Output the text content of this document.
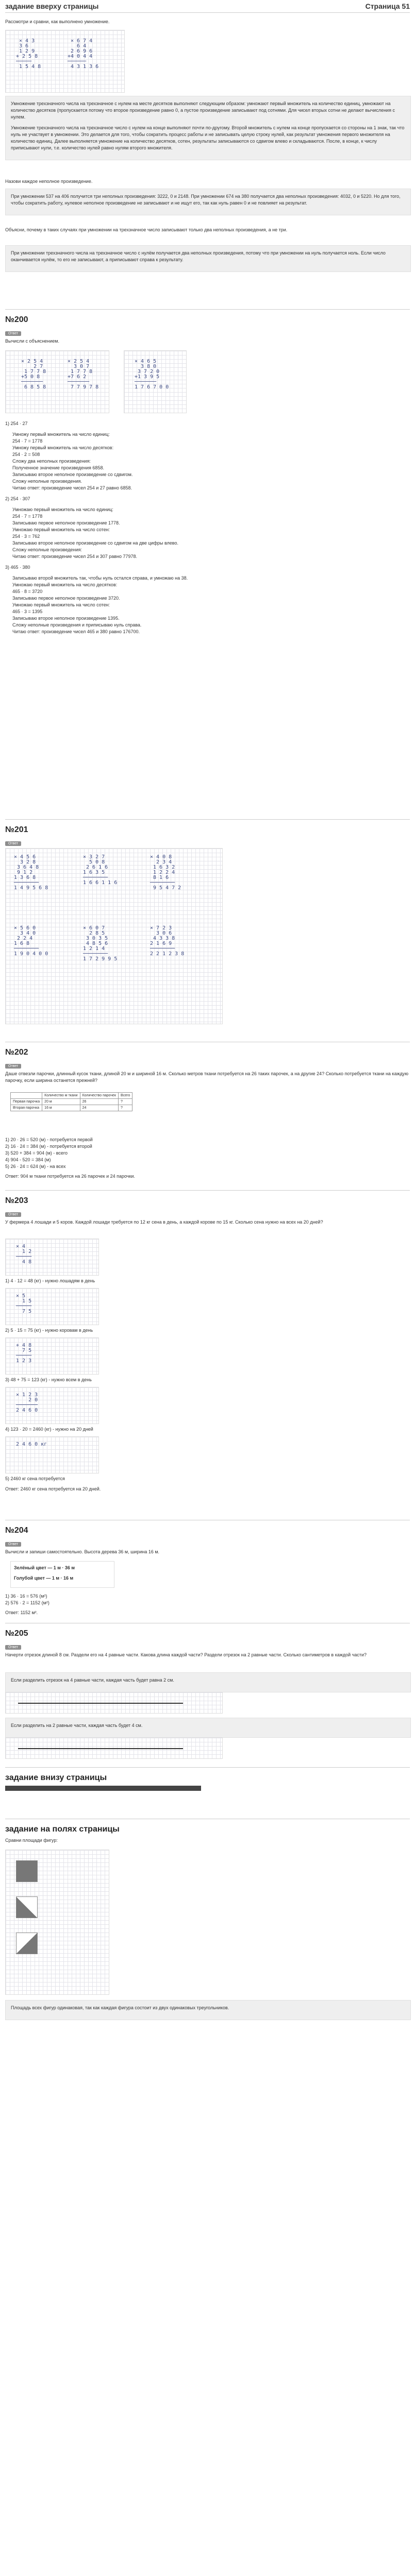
задание вверху страницы	Страница 51

Рассмотри и сравни, как выполнено умножение.

× 4 3
3 6
1 2 9
+ 2 5 8
─────
1 5 4 8
× 6 7 4
6 4
2 6 9 6
+4 0 4 4
──────
4 3 1 3 6

Умножение трехзначного числа на трехзначное с нулем на месте десятков выполняют следующим образом: умножают первый множитель на количество единиц, умножают на количество десятков (пропускается потому что второе произведение равно 0, а пустое произведение записывают под сотнями. Для чисел вторых сотни не делают вычисления с нулем.

Умножение трехзначного числа на трехзначное число с нулем на конце выполняют почти по-другому. Второй множитель с нулем на конце пропускается со стороны на 1 знак, так что нуль не участвует в умножении. Это делается для того, чтобы сократить процесс работы и не записывать целую строку нулей, как результат умножения первого множителя на количество единиц. Далее выполняется умножение на количество десятков, сотен, результаты записываются со сдвигом влево и складываются. После, в конце, к числу приписывают нули, т.е. количество нулей равно нулям второго множителя.

Назови каждое неполное произведение.

При умножении 537 на 406 получится три неполных произведения: 3222, 0 и 2148. При умножении 674 на 380 получается два неполных произведения: 4032, 0 и 5220. Но для того, чтобы сократить работу, нулевое неполное произведение не записывают и не ищут его, так как нуль равен 0 и не повлияет на результат.

Объясни, почему в таких случаях при умножении на трехзначное число записывают только два неполных произведения, а не три.

При умножении трехзначного числа на трехзначное число с нулём получается два неполных произведения, потому что при умножении на нуль получается ноль. Если число оканчивается нулём, то его не записывают, а приписывают справа к результату.

№200
Ответ
Вычисли с объяснением.
× 2 5 4
2 7
1 7 7 8
+5 0 8
───────
6 8 5 8
× 2 5 4
3 0 7
1 7 7 8
+7 6 2
───────
7 7 9 7 8
× 4 6 5
3 8 0
3 7 2 0
+1 3 9 5
───────
1 7 6 7 0 0

1) 254 · 27

Умножу первый множитель на число единиц:

254 · 7 = 1778

Умножу первый множитель на число десятков:

254 · 2 = 508

Сложу два неполных произведения:

Полученное значение произведения 6858.

Записываю второе неполное произведение со сдвигом.

Сложу неполные произведения.

Читаю ответ: произведение чисел 254 и 27 равно 6858.

2) 254 · 307

Умножаю первый множитель на число единиц:

254 · 7 = 1778

Записываю первое неполное произведение 1778.

Умножаю первый множитель на число сотен:

254 · 3 = 762

Записываю второе неполное произведение со сдвигом на две цифры влево.

Сложу неполные произведения:

Читаю ответ: произведение чисел 254 и 307 равно 77978.

3) 465 · 380

Записываю второй множитель так, чтобы нуль остался справа, и умножаю на 38.

Умножаю первый множитель на число десятков:

465 · 8 = 3720

Записываю первое неполное произведение 3720.

Умножаю первый множитель на число сотен:

465 · 3 = 1395

Записываю второе неполное произведение 1395.

Сложу неполные произведения и приписываю нуль справа.

Читаю ответ: произведение чисел 465 и 380 равно 176700.

№201
Ответ
× 4 5 6
3 2 8
3 6 4 8
9 1 2
1 3 6 8
────────
1 4 9 5 6 8
× 3 2 7
5 0 8
2 6 1 6
1 6 3 5
────────
1 6 6 1 1 6
× 4 0 8
2 3 4
1 6 3 2
1 2 2 4
8 1 6
────────
9 5 4 7 2
× 5 6 0
3 4 0
2 2 4
1 6 8
────────
1 9 0 4 0 0
× 6 0 7
2 8 5
3 0 3 5
4 8 5 6
1 2 1 4
────────
1 7 2 9 9 5
× 7 2 3
3 0 6
4 3 3 8
2 1 6 9
────────
2 2 1 2 3 8
№202
Ответ
Даше отвезли парочки, длинный кусок ткани, длиной 20 м и шириной 16 м. Сколько метров ткани потребуется на 26 таких парочек, а на другие 24? Сколько потребуется ткани на каждую парочку, если ширина останется прежней?
	Количество м ткани	Количество парочек	Всего
Первая парочка	20 м	26	?
Вторая парочка	16 м	24	?

1) 20 · 26 = 520 (м) - потребуется первой

2) 16 · 24 = 384 (м) - потребуется второй

3) 520 + 384 = 904 (м) - всего

4) 904 - 520 = 384 (м)

5) 26 · 24 = 624 (м) - на всех

Ответ: 904 м ткани потребуется на 26 парочек и 24 парочки.

№203
Ответ
У фермера 4 лошади и 5 коров. Каждой лошади требуется по 12 кг сена в день, а каждой корове по 15 кг. Сколько сена нужно на всех на 20 дней?
× 4
1 2
─────
4 8
1) 4 · 12 = 48 (кг) - нужно лошадям в день
× 5
1 5
─────
7 5
2) 5 · 15 = 75 (кг) - нужно коровам в день
+ 4 8
7 5
─────
1 2 3
3) 48 + 75 = 123 (кг) - нужно всем в день
× 1 2 3
2 0
───────
2 4 6 0
4) 123 · 20 = 2460 (кг) - нужно на 20 дней
2 4 6 0 кг
5) 2460 кг сена потребуется
Ответ: 2460 кг сена потребуется на 20 дней.
№204
Ответ
Вычисли и запиши самостоятельно. Высота дерева 36 м, ширина 16 м.
Зелёный цвет — 1 м · 36 м
Голубой цвет — 1 м · 16 м

1) 36 · 16 = 576 (м²)

2) 576 · 2 = 1152 (м²)

Ответ: 1152 м².

№205
Ответ
Начерти отрезок длиной 8 см. Раздели его на 4 равные части. Какова длина каждой части? Раздели отрезок на 2 равные части. Сколько сантиметров в каждой части?

Если разделить отрезок на 4 равные части, каждая часть будет равна 2 см.

Если разделить на 2 равные части, каждая часть будет 4 см.

задание внизу страницы
задание на полях страницы
Сравни площади фигур:

Площадь всех фигур одинаковая, так как каждая фигура состоит из двух одинаковых треугольников.
